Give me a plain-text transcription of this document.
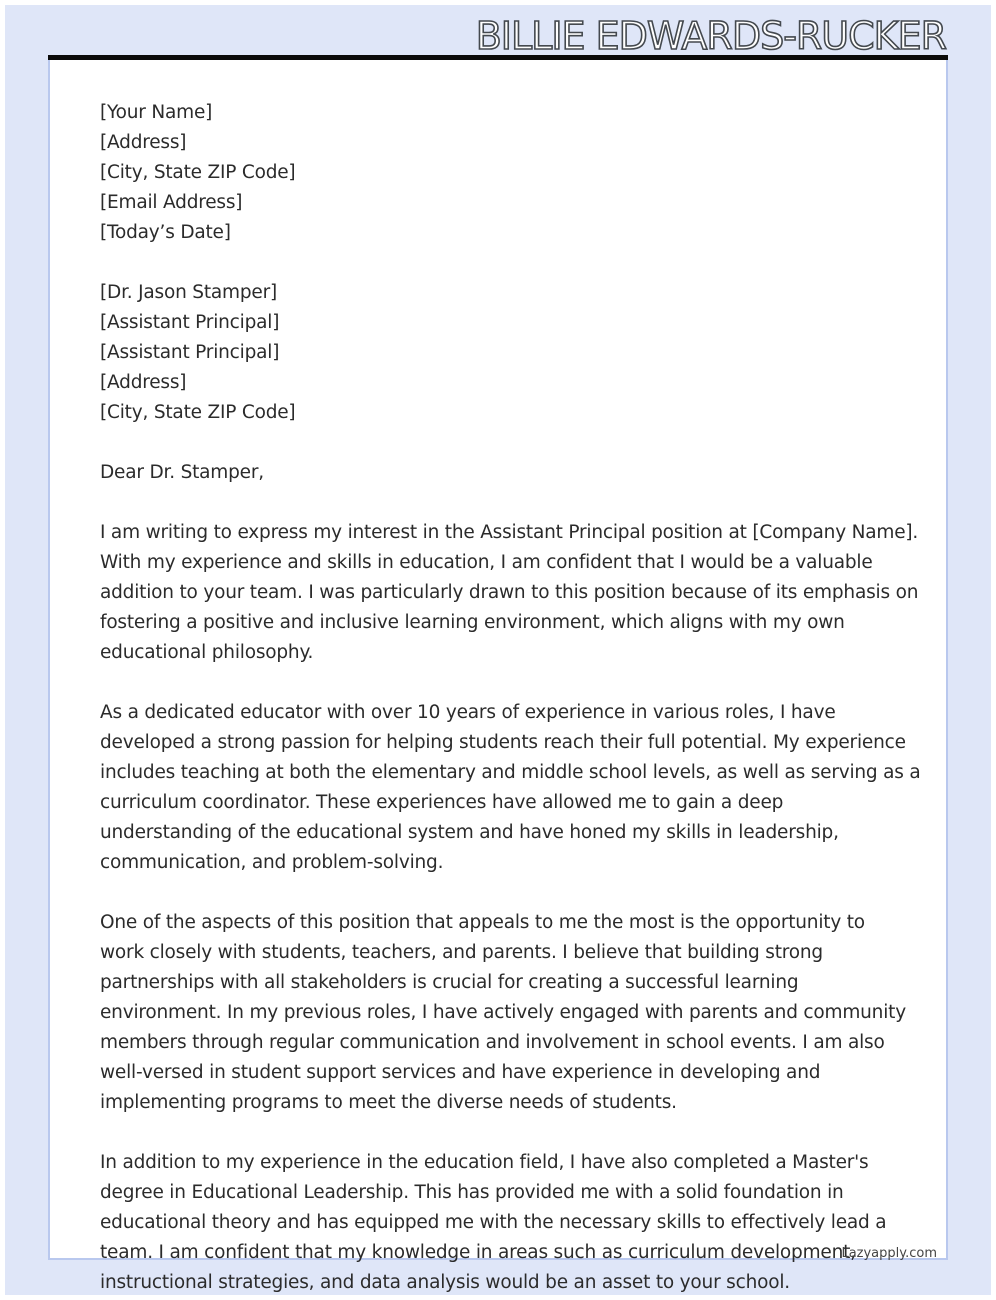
BILLIE EDWARDS-RUCKER
[Your Name]
[Address]
[City, State ZIP Code]
[Email Address]
[Today’s Date]
[Dr. Jason Stamper]
[Assistant Principal]
[Assistant Principal]
[Address]
[City, State ZIP Code]
Dear Dr. Stamper,
I am writing to express my interest in the Assistant Principal position at [Company Name].
With my experience and skills in education, I am confident that I would be a valuable
addition to your team. I was particularly drawn to this position because of its emphasis on
fostering a positive and inclusive learning environment, which aligns with my own
educational philosophy.
As a dedicated educator with over 10 years of experience in various roles, I have
developed a strong passion for helping students reach their full potential. My experience
includes teaching at both the elementary and middle school levels, as well as serving as a
curriculum coordinator. These experiences have allowed me to gain a deep
understanding of the educational system and have honed my skills in leadership,
communication, and problem-solving.
One of the aspects of this position that appeals to me the most is the opportunity to
work closely with students, teachers, and parents. I believe that building strong
partnerships with all stakeholders is crucial for creating a successful learning
environment. In my previous roles, I have actively engaged with parents and community
members through regular communication and involvement in school events. I am also
well-versed in student support services and have experience in developing and
implementing programs to meet the diverse needs of students.
In addition to my experience in the education field, I have also completed a Master's
degree in Educational Leadership. This has provided me with a solid foundation in
educational theory and has equipped me with the necessary skills to effectively lead a
team. I am confident that my knowledge in areas such as curriculum development,
instructional strategies, and data analysis would be an asset to your school.
Lazyapply.com
